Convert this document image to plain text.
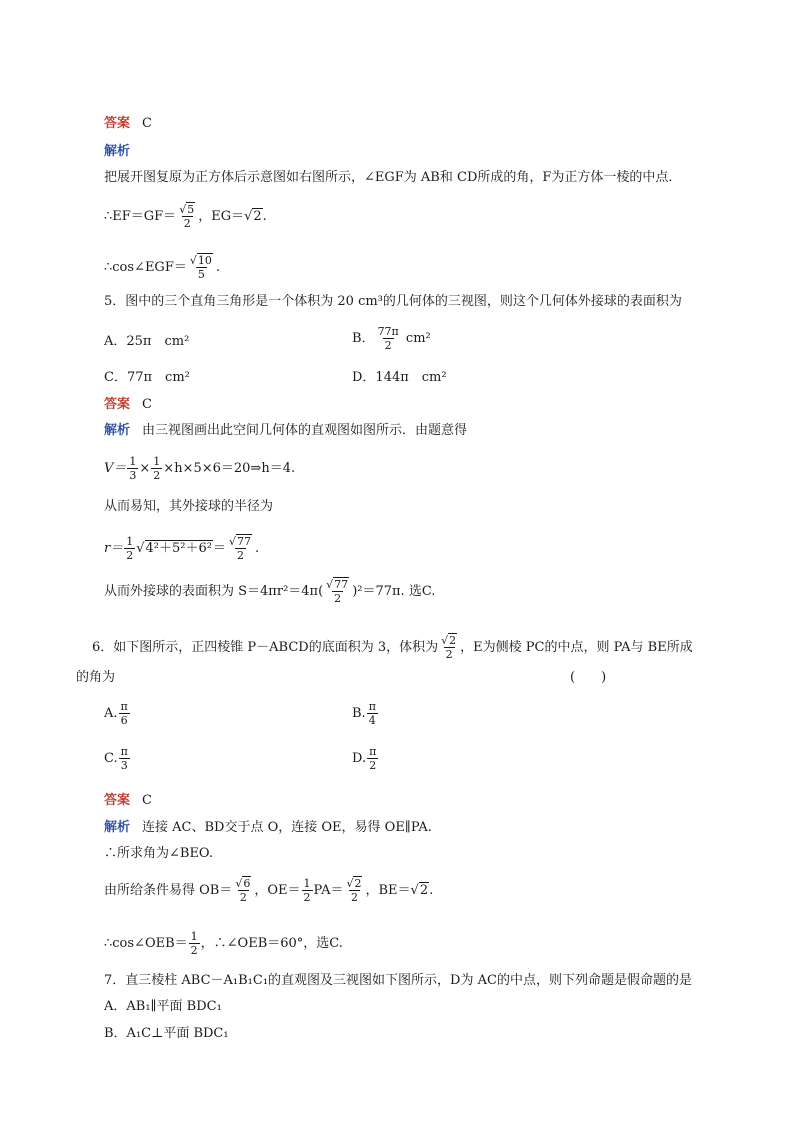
答案 C
解析
把展开图复原为正方体后示意图如右图所示，∠EGF为 AB和 CD所成的角，F为正方体一棱的中点．
∴EF＝GF＝ $\frac{√5}{2}$ ，EG＝√2.
∴cos∠EGF＝ $\frac{√10}{5}$ .
5．图中的三个直角三角形是一个体积为 20 cm³的几何体的三视图，则这个几何体外接球的表面积为
A．25π　cm²	B． $\frac{77\pi}{2} cm^2$
C．77π　cm²	D．144π　cm²
答案 C
解析 由三视图画出此空间几何体的直观图如图所示．由题意得
$V= \frac{1}{3} \times \frac{1}{2}$ ×h×5×6＝20⇒h＝4.
从而易知，其外接球的半径为
$r= \frac{1}{2} √4^2+5^2+6^2= \frac{√77}{2}$ .
从而外接球的表面积为 $S=4\pi r^2=4\pi( \frac{√77}{2} )^2=77\pi$. 选C.
6．如下图所示，正四棱锥 P－ABCD的底面积为 3，体积为 $\frac{√2}{2}$ ，E为侧棱 PC的中点，则 PA与 BE所成
的角为	(　　)
A. $\frac{\pi}{6}$	B. $\frac{\pi}{4}$
C. $\frac{\pi}{3}$	D. $\frac{\pi}{2}$
答案 C
解析 连接 AC、BD交于点 O，连接 OE，易得 OE∥PA.
∴所求角为∠BEO.
由所给条件易得 $OB= \frac{√6}{2}$ ，$OE= \frac{1}{2} PA= \frac{√2}{2}$ ，BE＝√2.
∴cos∠OEB＝ $\frac{1}{2}$ ，∴∠OEB＝60°，选C.
7．直三棱柱 ABC－A₁B₁C₁的直观图及三视图如下图所示，D为 AC的中点，则下列命题是假命题的是
A．AB₁∥平面 BDC₁
B．A₁C⊥平面 BDC₁
